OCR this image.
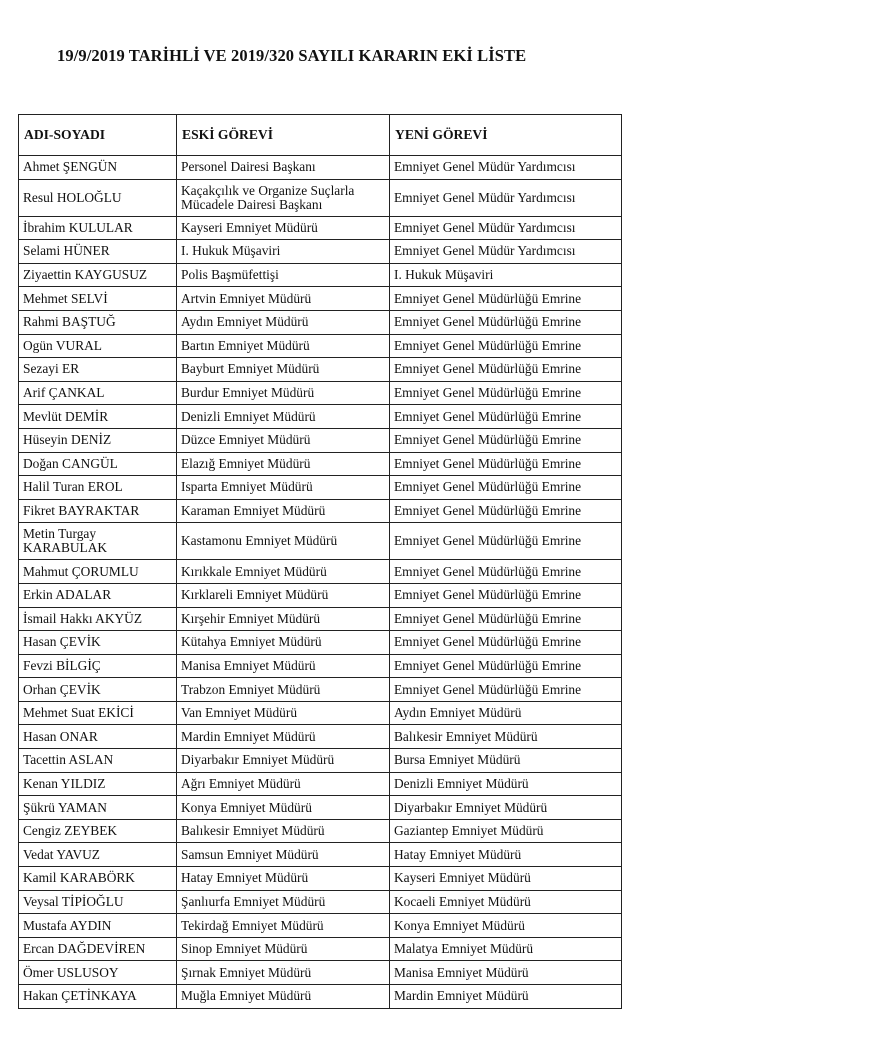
19/9/2019 TARİHLİ VE 2019/320 SAYILI KARARIN EKİ LİSTE
ADI-SOYADI	ESKİ GÖREVİ	YENİ GÖREVİ
Ahmet ŞENGÜN	Personel Dairesi Başkanı	Emniyet Genel Müdür Yardımcısı
Resul HOLOĞLU	Kaçakçılık ve Organize Suçlarla Mücadele Dairesi Başkanı	Emniyet Genel Müdür Yardımcısı
İbrahim KULULAR	Kayseri Emniyet Müdürü	Emniyet Genel Müdür Yardımcısı
Selami HÜNER	I. Hukuk Müşaviri	Emniyet Genel Müdür Yardımcısı
Ziyaettin KAYGUSUZ	Polis Başmüfettişi	I. Hukuk Müşaviri
Mehmet SELVİ	Artvin Emniyet Müdürü	Emniyet Genel Müdürlüğü Emrine
Rahmi BAŞTUĞ	Aydın Emniyet Müdürü	Emniyet Genel Müdürlüğü Emrine
Ogün VURAL	Bartın Emniyet Müdürü	Emniyet Genel Müdürlüğü Emrine
Sezayi ER	Bayburt Emniyet Müdürü	Emniyet Genel Müdürlüğü Emrine
Arif ÇANKAL	Burdur Emniyet Müdürü	Emniyet Genel Müdürlüğü Emrine
Mevlüt DEMİR	Denizli Emniyet Müdürü	Emniyet Genel Müdürlüğü Emrine
Hüseyin DENİZ	Düzce Emniyet Müdürü	Emniyet Genel Müdürlüğü Emrine
Doğan CANGÜL	Elazığ Emniyet Müdürü	Emniyet Genel Müdürlüğü Emrine
Halil Turan EROL	Isparta Emniyet Müdürü	Emniyet Genel Müdürlüğü Emrine
Fikret BAYRAKTAR	Karaman Emniyet Müdürü	Emniyet Genel Müdürlüğü Emrine
Metin Turgay KARABULAK	Kastamonu Emniyet Müdürü	Emniyet Genel Müdürlüğü Emrine
Mahmut ÇORUMLU	Kırıkkale Emniyet Müdürü	Emniyet Genel Müdürlüğü Emrine
Erkin ADALAR	Kırklareli Emniyet Müdürü	Emniyet Genel Müdürlüğü Emrine
İsmail Hakkı AKYÜZ	Kırşehir Emniyet Müdürü	Emniyet Genel Müdürlüğü Emrine
Hasan ÇEVİK	Kütahya Emniyet Müdürü	Emniyet Genel Müdürlüğü Emrine
Fevzi BİLGİÇ	Manisa Emniyet Müdürü	Emniyet Genel Müdürlüğü Emrine
Orhan ÇEVİK	Trabzon Emniyet Müdürü	Emniyet Genel Müdürlüğü Emrine
Mehmet Suat EKİCİ	Van Emniyet Müdürü	Aydın Emniyet Müdürü
Hasan ONAR	Mardin Emniyet Müdürü	Balıkesir Emniyet Müdürü
Tacettin ASLAN	Diyarbakır Emniyet Müdürü	Bursa Emniyet Müdürü
Kenan YILDIZ	Ağrı Emniyet Müdürü	Denizli Emniyet Müdürü
Şükrü YAMAN	Konya Emniyet Müdürü	Diyarbakır Emniyet Müdürü
Cengiz ZEYBEK	Balıkesir Emniyet Müdürü	Gaziantep Emniyet Müdürü
Vedat YAVUZ	Samsun Emniyet Müdürü	Hatay Emniyet Müdürü
Kamil KARABÖRK	Hatay Emniyet Müdürü	Kayseri Emniyet Müdürü
Veysal TİPİOĞLU	Şanlıurfa Emniyet Müdürü	Kocaeli Emniyet Müdürü
Mustafa AYDIN	Tekirdağ Emniyet Müdürü	Konya Emniyet Müdürü
Ercan DAĞDEVİREN	Sinop Emniyet Müdürü	Malatya Emniyet Müdürü
Ömer USLUSOY	Şırnak Emniyet Müdürü	Manisa Emniyet Müdürü
Hakan ÇETİNKAYA	Muğla Emniyet Müdürü	Mardin Emniyet Müdürü
